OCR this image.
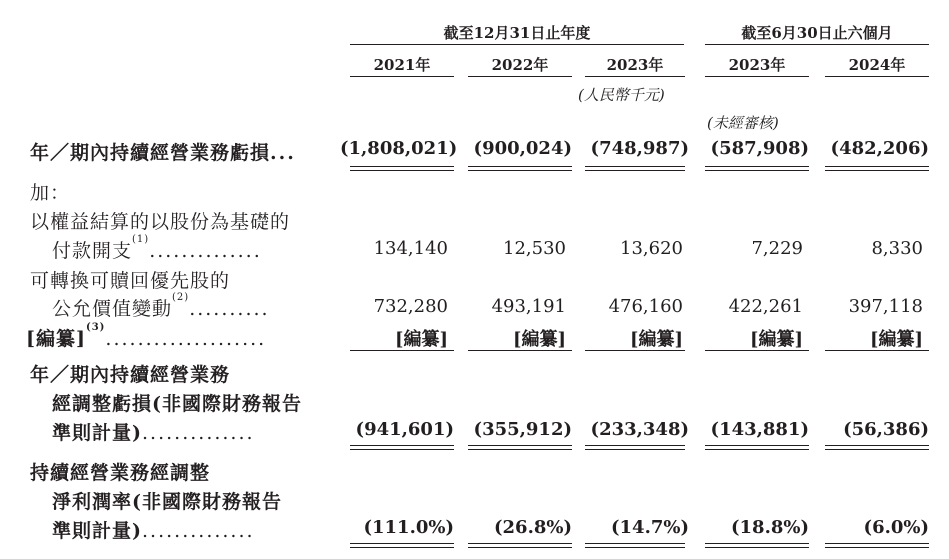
截至12月31日止年度	截至6月30日止六個月
2021年	2022年	2023年	2023年	2024年
(人民幣千元)
(未經審核)
年／期內持續經營業務虧損... (1,808,021) (900,024)	(748,987)	(587,908)	(482,206)
加：
以權益結算的以股份為基礎的
付款開支$^{(1)}$..............	134,140	12,530	13,620	7,229	8,330
可轉換可贖回優先股的
公允價值變動$^{(2)}$..........	732,280	493,191	476,160	422,261	397,118
[編纂]$^{(3)}$....................	[編纂]	[編纂]	[編纂]	[編纂]	[編纂]
年／期內持續經營業務
經調整虧損(非國際財務報告
準則計量)..............	(941,601)	(355,912)	(233,348)	(143,881)	(56,386)
持續經營業務經調整
淨利潤率(非國際財務報告
準則計量)..............	(111.0%)	(26.8%)	(14.7%)	(18.8%)	(6.0%)
